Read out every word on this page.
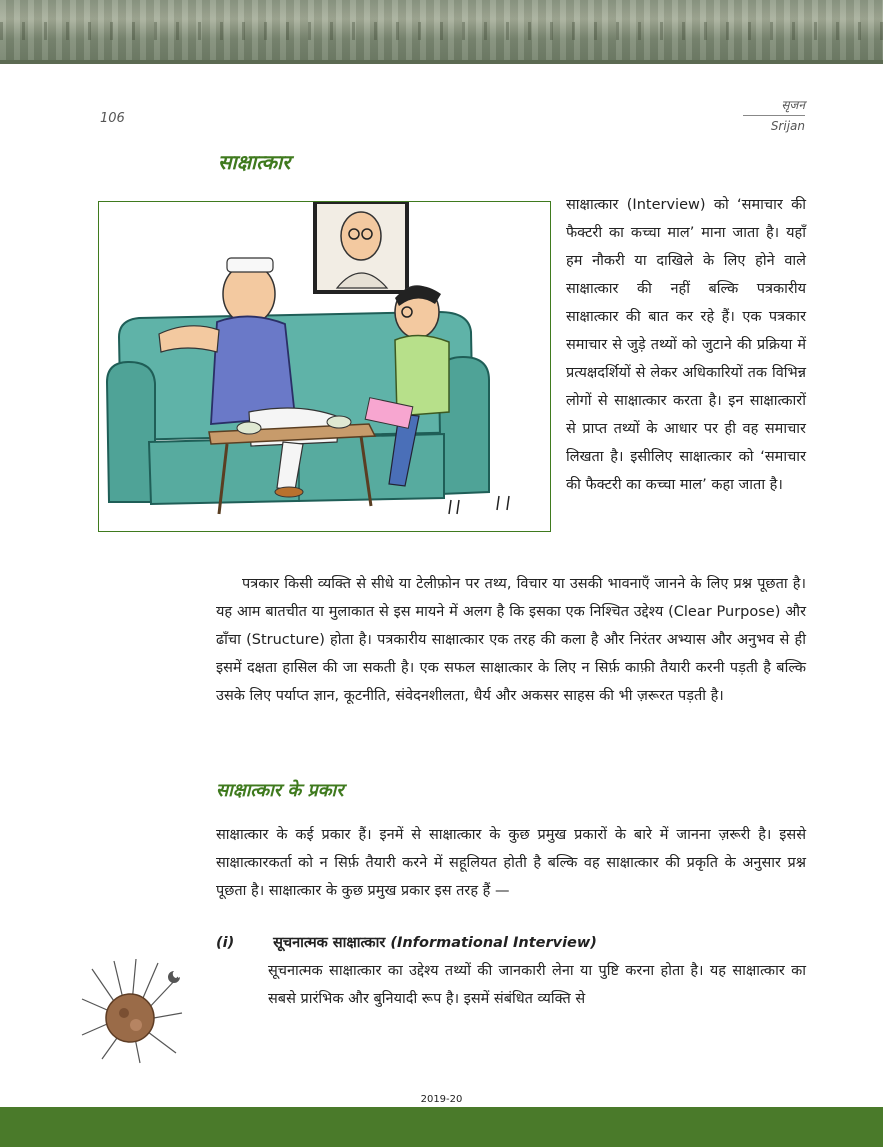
106
सृजन
Srijan
साक्षात्कार
साक्षात्कार (Interview) को ‘समाचार की फैक्टरी का कच्चा माल’ माना जाता है। यहाँ हम नौकरी या दाखिले के लिए होने वाले साक्षात्कार की नहीं बल्कि पत्रकारीय साक्षात्कार की बात कर रहे हैं। एक पत्रकार समाचार से जुड़े तथ्यों को जुटाने की प्रक्रिया में प्रत्यक्षदर्शियों से लेकर अधिकारियों तक विभिन्न लोगों से साक्षात्कार करता है। इन साक्षात्कारों से प्राप्त तथ्यों के आधार पर ही वह समाचार लिखता है। इसीलिए साक्षात्कार को ‘समाचार की फैक्टरी का कच्चा माल’ कहा जाता है।
पत्रकार किसी व्यक्ति से सीधे या टेलीफ़ोन पर तथ्य, विचार या उसकी भावनाएँ जानने के लिए प्रश्न पूछता है। यह आम बातचीत या मुलाकात से इस मायने में अलग है कि इसका एक निश्चित उद्देश्य (Clear Purpose) और ढाँचा (Structure) होता है। पत्रकारीय साक्षात्कार एक तरह की कला है और निरंतर अभ्यास और अनुभव से ही इसमें दक्षता हासिल की जा सकती है। एक सफल साक्षात्कार के लिए न सिर्फ़ काफ़ी तैयारी करनी पड़ती है बल्कि उसके लिए पर्याप्त ज्ञान, कूटनीति, संवेदनशीलता, धैर्य और अकसर साहस की भी ज़रूरत पड़ती है।
साक्षात्कार के प्रकार
साक्षात्कार के कई प्रकार हैं। इनमें से साक्षात्कार के कुछ प्रमुख प्रकारों के बारे में जानना ज़रूरी है। इससे साक्षात्कारकर्ता को न सिर्फ़ तैयारी करने में सहूलियत होती है बल्कि वह साक्षात्कार की प्रकृति के अनुसार प्रश्न पूछता है। साक्षात्कार के कुछ प्रमुख प्रकार इस तरह हैं —
(i)	सूचनात्मक साक्षात्कार (Informational Interview)
सूचनात्मक साक्षात्कार का उद्देश्य तथ्यों की जानकारी लेना या पुष्टि करना होता है। यह साक्षात्कार का सबसे प्रारंभिक और बुनियादी रूप है। इसमें संबंधित व्यक्ति से
2019-20
